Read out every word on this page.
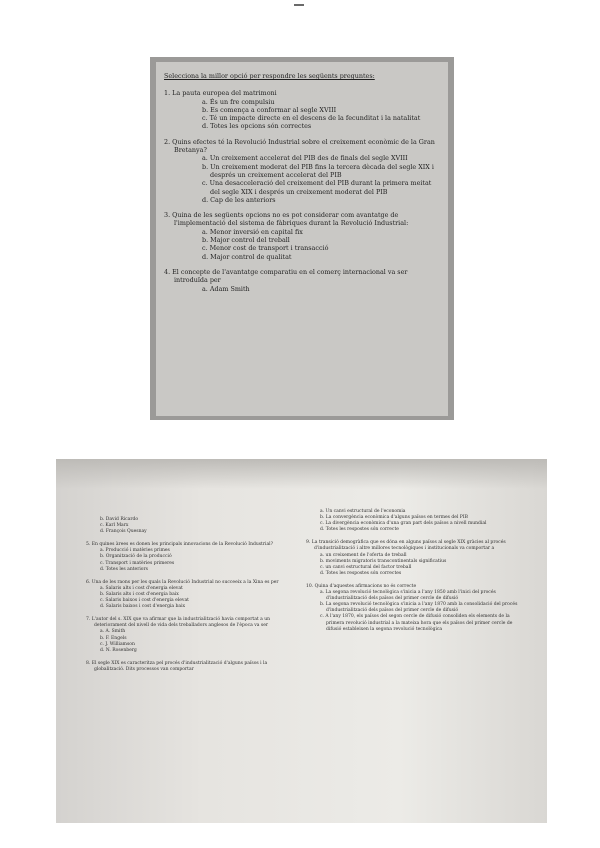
Selecciona la millor opció per respondre les següents preguntes:
1. La pauta europea del matrimoni
a. És un fre compulsiu
b. Es comença a conformar al segle XVIII
c. Té un impacte directe en el descens de la fecunditat i la natalitat
d. Totes les opcions són correctes
2. Quins efectes té la Revolució Industrial sobre el creixement econòmic de la Gran Bretanya?
a. Un creixement accelerat del PIB des de finals del segle XVIII
b. Un creixement moderat del PIB fins la tercera dècada del segle XIX i després un creixement accelerat del PIB
c. Una desacceleració del creixement del PIB durant la primera meitat del segle XIX i després un creixement moderat del PIB
d. Cap de les anteriors
3. Quina de les següents opcions no es pot considerar com avantatge de l'implementació del sistema de fàbriques durant la Revolució Industrial:
a. Menor inversió en capital fix
b. Major control del treball
c. Menor cost de transport i transacció
d. Major control de qualitat
4. El concepte de l'avantatge comparatiu en el comerç internacional va ser introduïda per
a. Adam Smith
b. David Ricardo
c. Karl Marx
d. François Quesnay
5. En quines àrees es donen les principals innovacions de la Revolució Industrial?
a. Producció i matèries primes
b. Organització de la producció
c. Transport i matèries primeres
d. Totes les anteriors
6. Una de les raons per les quals la Revolució Industrial no succeeix a la Xina es per
a. Salaris alts i cost d'energia elevat
b. Salaris alts i cost d'energia baix
c. Salaris baixos i cost d'energia elevat
d. Salaris baixos i cost d'energia baix
7. L'autor del s. XIX que va afirmar que la industrialització havia comportat a un deteriorament del nivell de vida dels treballadors anglesos de l'època va ser
a. A. Smith
b. F. Engels
c. J. Williamson
d. N. Rosenberg
8. El segle XIX es caracteritza pel procés d'industrialització d'alguns països i la globalització. Dits processos van comportar
a. Un canvi estructural de l'economia
b. La convergència econòmica d'alguns països en termes del PIB
c. La divergència econòmica d'una gran part dels països a nivell mundial
d. Totes les respostes són correcte
9. La transició demogràfica que es dóna en alguns països al segle XIX gràcies al procés d'industrialització i altre millores tecnològiques i institucionals va comportar a
a. un creixement de l'oferta de treball
b. moviments migratoris transcontinentals significatius
c. un canvi estructural del factor treball
d. Totes les respostes són correctes
10. Quina d'aquestes afirmacions no és correcte
a. La segona revolució tecnològica s'inicia a l'any 1850 amb l'inici del procés d'industrialització dels països del primer cercle de difusió
b. La segona revolució tecnològica s'inicia a l'any 1870 amb la consolidació del procés d'industrialització dels països del primer cercle de difusió
c. A l'any 1870, els països del segon cercle de difusió consoliden els elements de la primera revolució industrial a la mateixa hora que els països del primer cercle de difusió estableixen la segona revolució tecnològica
